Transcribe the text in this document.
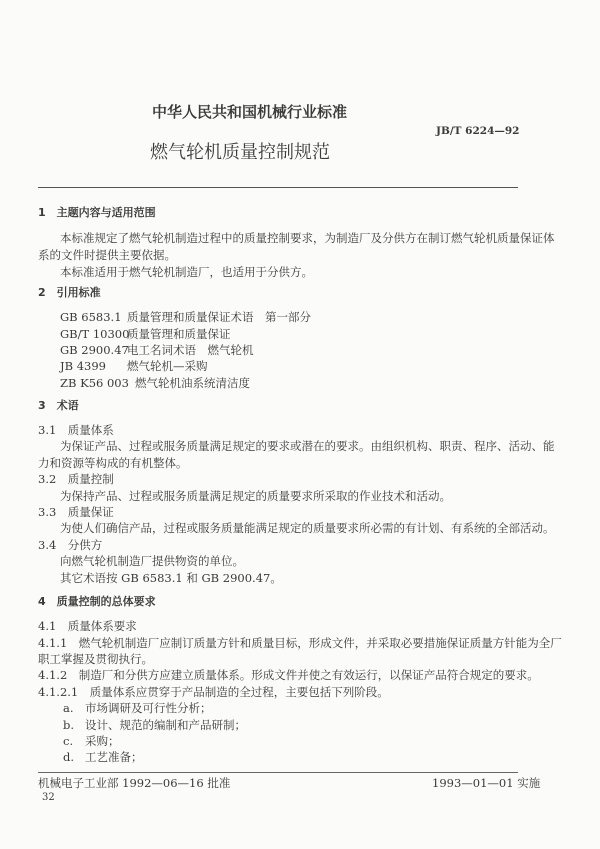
中华人民共和国机械行业标准
JB/T 6224—92
燃气轮机质量控制规范
1　主题内容与适用范围
本标准规定了燃气轮机制造过程中的质量控制要求，为制造厂及分供方在制订燃气轮机质量保证体
系的文件时提供主要依据。
本标准适用于燃气轮机制造厂，也适用于分供方。
2　引用标准
GB 6583.1 质量管理和质量保证术语　第一部分
GB/T 10300
质量管理和质量保证
GB 2900.47
电工名词术语　燃气轮机
JB 4399 燃气轮机—采购
ZB K56 003 燃气轮机油系统清洁度
3　术语
3.1　质量体系
为保证产品、过程或服务质量满足规定的要求或潜在的要求。由组织机构、职责、程序、活动、能
力和资源等构成的有机整体。
3.2　质量控制
为保持产品、过程或服务质量满足规定的质量要求所采取的作业技术和活动。
3.3　质量保证
为使人们确信产品，过程或服务质量能满足规定的质量要求所必需的有计划、有系统的全部活动。
3.4　分供方
向燃气轮机制造厂提供物资的单位。
其它术语按 GB 6583.1 和 GB 2900.47。
4　质量控制的总体要求
4.1　质量体系要求
4.1.1　燃气轮机制造厂应制订质量方针和质量目标，形成文件，并采取必要措施保证质量方针能为全厂
职工掌握及贯彻执行。
4.1.2　制造厂和分供方应建立质量体系。形成文件并使之有效运行，以保证产品符合规定的要求。
4.1.2.1　质量体系应贯穿于产品制造的全过程，主要包括下列阶段。
a. 市场调研及可行性分析；
b. 设计、规范的编制和产品研制；
c. 采购；
d. 工艺准备；
机械电子工业部 1992—06—16 批准	1993—01—01 实施
32
